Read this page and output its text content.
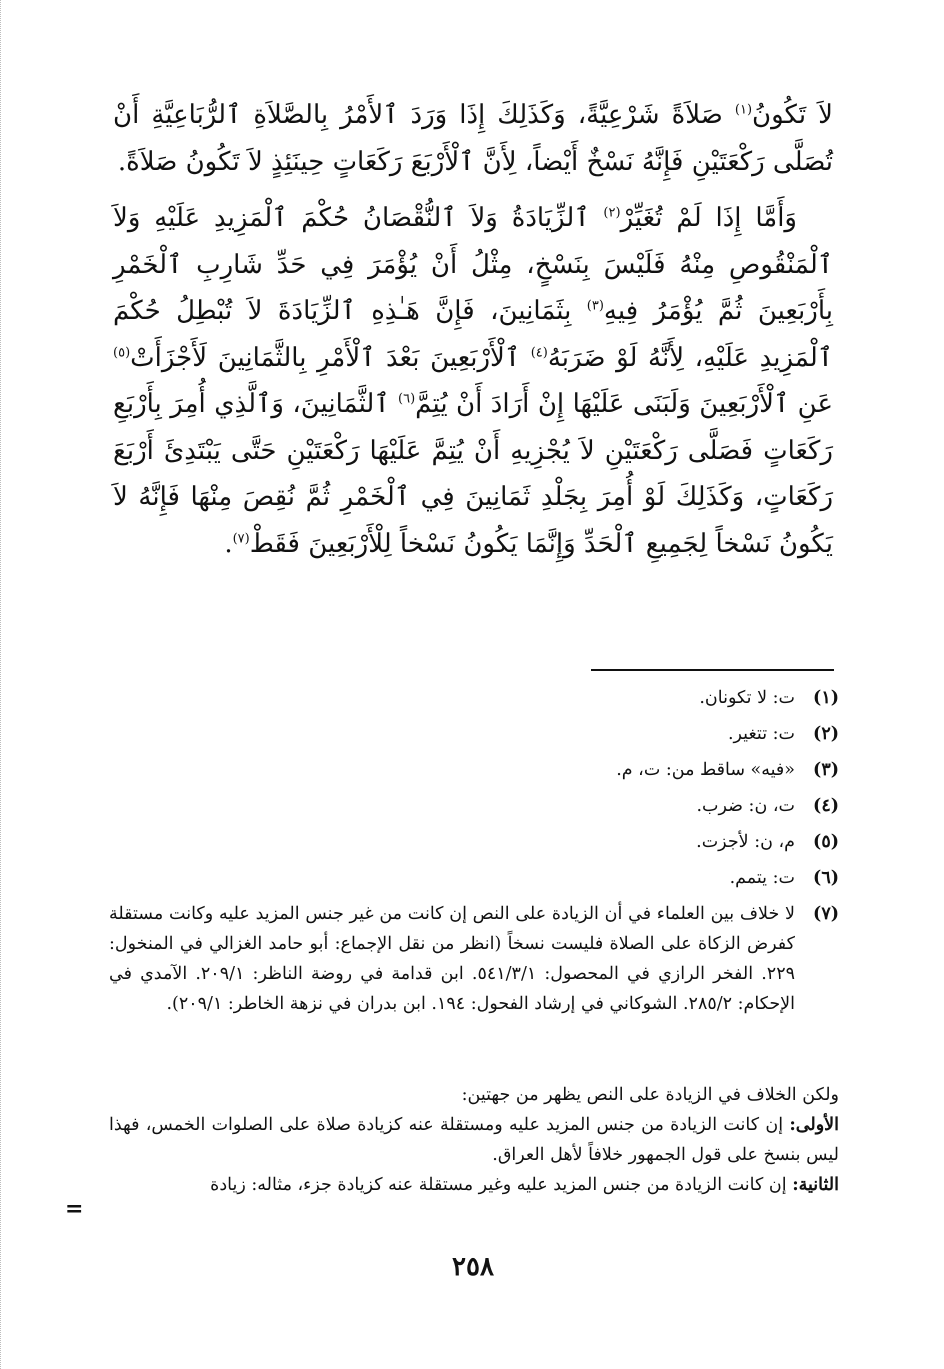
لاَ تَكُونُ$^{(١)}$ صَلاَةً شَرْعِيَّةً، وَكَذَلِكَ إِذَا وَرَدَ ٱلأَمْرُ بِالصَّلاَةِ ٱلرُّبَاعِيَّةِ أَنْ تُصَلَّى رَكْعَتَيْنِ فَإِنَّهُ نَسْخٌ أَيْضاً، لِأَنَّ ٱلْأَرْبَعَ رَكَعَاتٍ حِينَئِذٍ لاَ تَكُونُ صَلاَةً.

وَأَمَّا إِذَا لَمْ تُغَيِّرْ$^{(٢)}$ ٱلزِّيَادَةُ وَلاَ ٱلنُّقْصَانُ حُكْمَ ٱلْمَزِيدِ عَلَيْهِ وَلاَ ٱلْمَنْقُوصِ مِنْهُ فَلَيْسَ بِنَسْخٍ، مِثْلُ أَنْ يُؤْمَرَ فِي حَدِّ شَارِبِ ٱلْخَمْرِ بِأَرْبَعِينَ ثُمَّ يُؤْمَرُ فِيهِ$^{(٣)}$ بِثَمَانِينَ، فَإِنَّ هَـٰذِهِ ٱلزِّيَادَةَ لاَ تُبْطِلُ حُكْمَ ٱلْمَزِيدِ عَلَيْهِ، لِأَنَّهُ لَوْ ضَرَبَهُ$^{(٤)}$ ٱلْأَرْبَعِينَ بَعْدَ ٱلْأَمْرِ بِالثَّمَانِينَ لَأَجْزَأَتْ$^{(٥)}$ عَنِ ٱلْأَرْبَعِينَ وَلَبَنَى عَلَيْهَا إِنْ أَرَادَ أَنْ يُتِمَّ$^{(٦)}$ ٱلثَّمَانِينَ، وَٱلَّذِي أُمِرَ بِأَرْبَعِ رَكَعَاتٍ فَصَلَّى رَكْعَتَيْنِ لاَ يُجْزِيهِ أَنْ يُتِمَّ عَلَيْهَا رَكْعَتَيْنِ حَتَّى يَبْتَدِئَ أَرْبَعَ رَكَعَاتٍ، وَكَذَلِكَ لَوْ أُمِرَ بِجَلْدِ ثَمَانِينَ فِي ٱلْخَمْرِ ثُمَّ نُقِصَ مِنْهَا فَإِنَّهُ لاَ يَكُونُ نَسْخاً لِجَمِيعِ ٱلْحَدِّ وَإِنَّمَا يَكُونُ نَسْخاً لِلْأَرْبَعِينَ فَقَطْ$^{(٧)}$.

(١)
ت: لا تكونان.
(٢)
ت: تتغير.
(٣)
«فيه» ساقط من: ت، م.
(٤)
ت، ن: ضرب.
(٥)
م، ن: لأجزت.
(٦)
ت: يتمم.
(٧)
لا خلاف بين العلماء في أن الزيادة على النص إن كانت من غير جنس المزيد عليه وكانت مستقلة كفرض الزكاة على الصلاة فليست نسخاً (انظر من نقل الإجماع: أبو حامد الغزالي في المنخول: ٢٢٩. الفخر الرازي في المحصول: ٥٤١/٣/١. ابن قدامة في روضة الناظر: ٢٠٩/١. الآمدي في الإحكام: ٢٨٥/٢. الشوكاني في إرشاد الفحول: ١٩٤. ابن بدران في نزهة الخاطر: ٢٠٩/١).

ولكن الخلاف في الزيادة على النص يظهر من جهتين:

الأولى: إن كانت الزيادة من جنس المزيد عليه ومستقلة عنه كزيادة صلاة على الصلوات الخمس، فهذا ليس بنسخ على قول الجمهور خلافاً لأهل العراق.

الثانية: إن كانت الزيادة من جنس المزيد عليه وغير مستقلة عنه كزيادة جزء، مثاله: زيادة

=
٢٥٨
